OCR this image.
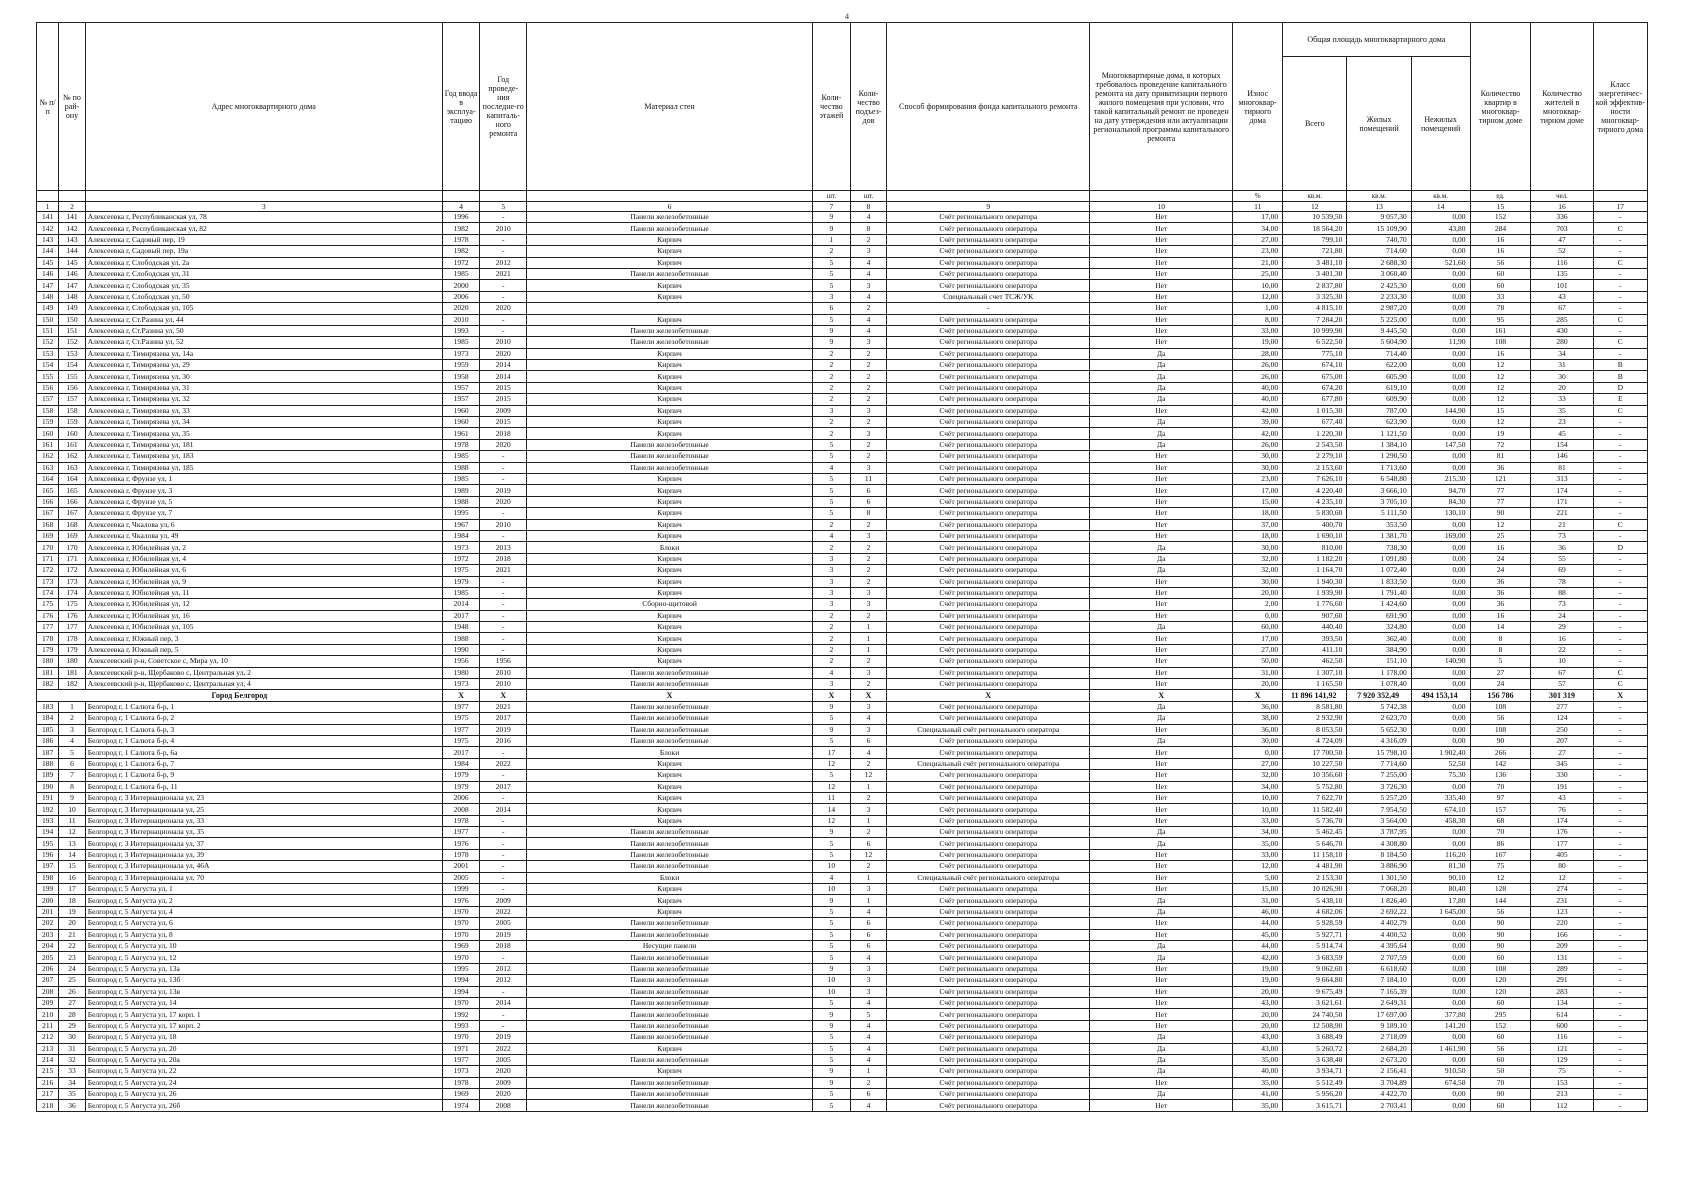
4
№ п/п	№ по рай-ону	Адрес многоквартирного дома	Год ввода в эксплуа-тацию	Год проведе-ния последне-го капиталь-ного ремонта	Материал стен	Коли-чество этажей	Коли-чество подъез-дов	Способ формирования фонда капитального ремонта	Многоквартирные дома, в которых требовалось проведение капитального ремонта на дату приватизации первого жилого помещения при условии, что такой капитальный ремонт не проведен на дату утверждения или актуализации региональной программы капитального ремонта	Износ многоквар-тирного дома	Общая площадь многоквартирного дома			Количество квартир в многоквар-тирном доме	Количество жителей в многоквар-тирном доме	Класс энергетичес-кой эффектив-ности многоквар-тирного дома
											Всего	Жилых помещений	Нежилых помещений			
						шт.	шт.			%	кв.м.	кв.м.	кв.м.	ед.	чел.	
1	2	3	4	5	6	7	8	9	10	11	12	13	14	15	16	17
141	141	Алексеевка г, Республиканская ул, 78	1996	-	Панели железобетонные	9	4	Счёт регионального оператора	Нет	17,00	10 539,50	9 057,30	0,00	152	336	-
142	142	Алексеевка г, Республиканская ул, 82	1982	2010	Панели железобетонные	9	8	Счёт регионального оператора	Нет	34,00	18 564,20	15 109,90	43,80	284	703	C
143	143	Алексеевка г, Садовый пер, 19	1978	-	Кирпич	1	2	Счёт регионального оператора	Нет	27,00	799,10	740,70	0,00	16	47	-
144	144	Алексеевка г, Садовый пер, 19а	1982	-	Кирпич	2	3	Счёт регионального оператора	Нет	23,00	721,80	714,60	0,00	16	52	-
145	145	Алексеевка г, Слободская ул, 2а	1972	2012	Кирпич	5	4	Счёт регионального оператора	Нет	21,00	3 481,10	2 688,30	521,60	56	116	C
146	146	Алексеевка г, Слободская ул, 31	1985	2021	Панели железобетонные	5	4	Счёт регионального оператора	Нет	25,00	3 401,30	3 060,40	0,00	60	135	-
147	147	Алексеевка г, Слободская ул, 35	2000	-	Кирпич	5	3	Счёт регионального оператора	Нет	10,00	2 837,80	2 425,30	0,00	60	101	-
148	148	Алексеевка г, Слободская ул, 50	2006	-	Кирпич	3	4	Специальный счет ТСЖ/УК	Нет	12,00	3 325,30	2 233,30	0,00	33	43	-
149	149	Алексеевка г, Слободская ул, 105	2020	2020		6	2	-	Нет	1,00	4 815,10	2 987,20	0,00	78	67	-
150	150	Алексеевка г, Ст.Разина ул, 44	2010	-	Кирпич	5	4	Счёт регионального оператора	Нет	8,00	7 284,20	5 225,00	0,00	95	285	C
151	151	Алексеевка г, Ст.Разина ул, 50	1993	-	Панели железобетонные	9	4	Счёт регионального оператора	Нет	33,00	10 999,90	9 445,50	0,00	161	430	-
152	152	Алексеевка г, Ст.Разина ул, 52	1985	2010	Панели железобетонные	9	3	Счёт регионального оператора	Нет	19,00	6 522,50	5 604,90	11,90	108	280	C
153	153	Алексеевка г, Тимирязева ул, 14а	1973	2020	Кирпич	2	2	Счёт регионального оператора	Да	28,00	775,10	714,40	0,00	16	34	-
154	154	Алексеевка г, Тимирязева ул, 29	1959	2014	Кирпич	2	2	Счёт регионального оператора	Да	26,00	674,10	622,00	0,00	12	31	B
155	155	Алексеевка г, Тимирязева ул, 30	1958	2014	Кирпич	2	2	Счёт регионального оператора	Да	26,00	675,00	605,90	0,00	12	30	B
156	156	Алексеевка г, Тимирязева ул, 31	1957	2015	Кирпич	2	2	Счёт регионального оператора	Да	40,00	674,20	619,10	0,00	12	20	D
157	157	Алексеевка г, Тимирязева ул, 32	1957	2015	Кирпич	2	2	Счёт регионального оператора	Да	40,00	677,80	609,90	0,00	12	33	E
158	158	Алексеевка г, Тимирязева ул, 33	1960	2009	Кирпич	3	3	Счёт регионального оператора	Нет	42,00	1 015,30	787,00	144,90	15	35	C
159	159	Алексеевка г, Тимирязева ул, 34	1960	2015	Кирпич	2	2	Счёт регионального оператора	Да	39,00	677,40	623,90	0,00	12	23	-
160	160	Алексеевка г, Тимирязева ул, 35	1961	2018	Кирпич	2	3	Счёт регионального оператора	Да	42,00	1 220,30	1 121,50	0,00	19	45	-
161	161	Алексеевка г, Тимирязева ул, 181	1978	2020	Панели железобетонные	5	2	Счёт регионального оператора	Да	26,00	2 543,50	1 384,10	147,50	72	154	-
162	162	Алексеевка г, Тимирязева ул, 183	1985	-	Панели железобетонные	5	2	Счёт регионального оператора	Нет	30,00	2 279,10	1 290,50	0,00	81	146	-
163	163	Алексеевка г, Тимирязева ул, 185	1988	-	Панели железобетонные	4	3	Счёт регионального оператора	Нет	30,00	2 153,60	1 713,60	0,00	36	81	-
164	164	Алексеевка г, Фрунзе ул, 1	1985	-	Кирпич	5	11	Счёт регионального оператора	Нет	23,00	7 626,10	6 548,80	215,30	121	313	-
165	165	Алексеевка г, Фрунзе ул, 3	1989	2019	Кирпич	5	6	Счёт регионального оператора	Нет	17,00	4 220,40	3 666,10	94,70	77	174	-
166	166	Алексеевка г, Фрунзе ул, 5	1988	2020	Кирпич	5	6	Счёт регионального оператора	Нет	15,00	4 235,10	3 705,10	84,30	77	171	-
167	167	Алексеевка г, Фрунзе ул, 7	1995	-	Кирпич	5	8	Счёт регионального оператора	Нет	18,00	5 830,60	5 111,50	130,10	90	221	-
168	168	Алексеевка г, Чкалова ул, 6	1967	2010	Кирпич	2	2	Счёт регионального оператора	Нет	37,00	400,70	353,50	0,00	12	21	C
169	169	Алексеевка г, Чкалова ул, 49	1984	-	Кирпич	4	3	Счёт регионального оператора	Нет	18,00	1 690,10	1 381,70	169,00	25	73	-
170	170	Алексеевка г, Юбилейная ул, 2	1973	2013	Блоки	2	2	Счёт регионального оператора	Да	30,00	810,00	738,30	0,00	16	36	D
171	171	Алексеевка г, Юбилейная ул, 4	1972	2018	Кирпич	3	2	Счёт регионального оператора	Да	32,00	1 182,20	1 091,80	0,00	24	55	-
172	172	Алексеевка г, Юбилейная ул, 6	1975	2021	Кирпич	3	2	Счёт регионального оператора	Да	32,00	1 164,70	1 072,40	0,00	24	69	-
173	173	Алексеевка г, Юбилейная ул, 9	1979	-	Кирпич	3	2	Счёт регионального оператора	Нет	30,00	1 940,30	1 833,50	0,00	36	78	-
174	174	Алексеевка г, Юбилейная ул, 11	1985	-	Кирпич	3	3	Счёт регионального оператора	Нет	20,00	1 939,90	1 791,40	0,00	36	88	-
175	175	Алексеевка г, Юбилейная ул, 12	2014	-	Сборно-щитовой	3	3	Счёт регионального оператора	Нет	2,00	1 776,60	1 424,60	0,00	36	73	-
176	176	Алексеевка г, Юбилейная ул, 16	2017	-	Кирпич	2	2	Счёт регионального оператора	Нет	0,00	907,60	691,90	0,00	16	24	-
177	177	Алексеевка г, Юбилейная ул, 105	1948	-	Кирпич	2	1	Счёт регионального оператора	Да	60,00	440,40	324,80	0,00	14	29	-
178	178	Алексеевка г, Южный пер, 3	1988	-	Кирпич	2	1	Счёт регионального оператора	Нет	17,00	393,50	362,40	0,00	8	16	-
179	179	Алексеевка г, Южный пер, 5	1990	-	Кирпич	2	1	Счёт регионального оператора	Нет	27,00	411,10	384,90	0,00	8	22	-
180	180	Алексеевский р-н, Советское с, Мира ул, 10	1956	1956	Кирпич	2	2	Счёт регионального оператора	Нет	50,00	462,50	151,10	140,90	5	10	-
181	181	Алексеевский р-н, Щербаково с, Центральная ул, 2	1980	2010	Панели железобетонные	4	3	Счёт регионального оператора	Нет	31,00	1 307,10	1 178,00	0,00	27	67	C
182	182	Алексеевский р-н, Щербаково с, Центральная ул, 4	1973	2010	Панели железобетонные	3	2	Счёт регионального оператора	Нет	20,00	1 165,50	1 078,40	0,00	24	57	C
Город Белгород			X	X	X	X	X	X	X	X	11 896 141,92	7 920 352,49	494 153,14	156 786	301 319	X
183	1	Белгород г, 1 Салюта б-р, 1	1977	2021	Панели железобетонные	9	3	Счёт регионального оператора	Да	36,00	8 581,80	5 742,38	0,00	108	277	-
184	2	Белгород г, 1 Салюта б-р, 2	1975	2017	Панели железобетонные	5	4	Счёт регионального оператора	Да	38,00	2 932,90	2 623,70	0,00	56	124	-
185	3	Белгород г, 1 Салюта б-р, 3	1977	2019	Панели железобетонные	9	3	Специальный счёт регионального оператора	Нет	36,00	8 053,50	5 652,30	0,00	108	250	-
186	4	Белгород г, 1 Салюта б-р, 4	1975	2016	Панели железобетонные	5	6	Счёт регионального оператора	Да	30,00	4 724,09	4 316,09	0,00	90	207	-
187	5	Белгород г, 1 Салюта б-р, 6а	2017	-	Блоки	17	4	Счёт регионального оператора	Нет	0,00	17 700,50	15 798,10	1 902,40	266	27	-
188	6	Белгород г, 1 Салюта б-р, 7	1984	2022	Кирпич	12	2	Специальный счёт регионального оператора	Нет	27,00	10 227,50	7 714,60	52,50	142	345	-
189	7	Белгород г, 1 Салюта б-р, 9	1979	-	Кирпич	5	12	Счёт регионального оператора	Нет	32,00	10 356,60	7 255,00	75,30	136	330	-
190	8	Белгород г, 1 Салюта б-р, 11	1979	2017	Кирпич	12	1	Счёт регионального оператора	Нет	34,00	5 752,80	3 726,30	0,00	70	191	-
191	9	Белгород г, 3 Интернационала ул, 23	2006	-	Кирпич	11	2	Счёт регионального оператора	Нет	10,00	7 622,70	5 257,20	335,40	97	43	-
192	10	Белгород г, 3 Интернационала ул, 25	2008	2014	Кирпич	14	3	Счёт регионального оператора	Нет	10,00	11 582,40	7 954,50	674,10	157	76	-
193	11	Белгород г, 3 Интернационала ул, 33	1978	-	Кирпич	12	1	Счёт регионального оператора	Нет	33,00	5 736,70	3 564,00	458,30	68	174	-
194	12	Белгород г, 3 Интернационала ул, 35	1977	-	Панели железобетонные	9	2	Счёт регионального оператора	Да	34,00	5 462,45	3 787,95	0,00	70	176	-
195	13	Белгород г, 3 Интернационала ул, 37	1976	-	Панели железобетонные	5	6	Счёт регионального оператора	Да	35,00	5 646,70	4 308,80	0,00	86	177	-
196	14	Белгород г, 3 Интернационала ул, 39	1978	-	Панели железобетонные	5	12	Счёт регионального оператора	Нет	33,00	11 158,10	8 184,50	116,20	167	405	-
197	15	Белгород г, 3 Интернационала ул, 46А	2001	-	Панели железобетонные	10	2	Счёт регионального оператора	Нет	12,00	4 481,90	3 886,90	81,30	75	80	-
198	16	Белгород г, 3 Интернационала ул, 70	2005	-	Блоки	4	1	Специальный счёт регионального оператора	Нет	5,00	2 153,30	1 301,50	90,10	12	12	-
199	17	Белгород г, 5 Августа ул, 1	1999	-	Кирпич	10	3	Счёт регионального оператора	Нет	15,00	10 026,90	7 068,20	80,40	128	274	-
200	18	Белгород г, 5 Августа ул, 2	1976	2009	Кирпич	9	1	Счёт регионального оператора	Да	31,00	5 438,10	1 826,40	17,80	144	231	-
201	19	Белгород г, 5 Августа ул, 4	1970	2022	Кирпич	5	4	Счёт регионального оператора	Да	46,00	4 682,06	2 692,22	1 645,00	56	123	-
202	20	Белгород г, 5 Августа ул, 6	1970	2005	Панели железобетонные	5	6	Счёт регионального оператора	Нет	44,00	5 928,59	4 402,79	0,00	90	220	-
203	21	Белгород г, 5 Августа ул, 8	1970	2019	Панели железобетонные	5	6	Счёт регионального оператора	Нет	45,00	5 927,71	4 400,52	0,00	90	166	-
204	22	Белгород г, 5 Августа ул, 10	1969	2018	Несущие панели	5	6	Счёт регионального оператора	Да	44,00	5 914,74	4 395,64	0,00	90	209	-
205	23	Белгород г, 5 Августа ул, 12	1970	-	Панели железобетонные	5	4	Счёт регионального оператора	Да	42,00	3 683,59	2 707,59	0,00	60	131	-
206	24	Белгород г, 5 Августа ул, 13а	1995	2012	Панели железобетонные	9	3	Счёт регионального оператора	Нет	19,00	9 062,60	6 618,60	0,00	108	289	-
207	25	Белгород г, 5 Августа ул, 13б	1994	2012	Панели железобетонные	10	3	Счёт регионального оператора	Нет	19,00	9 664,80	7 184,10	0,00	120	291	-
208	26	Белгород г, 5 Августа ул, 13в	1994	-	Панели железобетонные	10	3	Счёт регионального оператора	Нет	20,00	9 675,49	7 165,39	0,00	120	283	-
209	27	Белгород г, 5 Августа ул, 14	1970	2014	Панели железобетонные	5	4	Счёт регионального оператора	Нет	43,00	3 621,61	2 649,31	0,00	60	134	-
210	28	Белгород г, 5 Августа ул, 17 корп. 1	1992	-	Панели железобетонные	9	5	Счёт регионального оператора	Нет	20,00	24 740,50	17 697,00	377,80	295	614	-
211	29	Белгород г, 5 Августа ул, 17 корп. 2	1993	-	Панели железобетонные	9	4	Счёт регионального оператора	Нет	20,00	12 508,90	9 189,10	141,20	152	600	-
212	30	Белгород г, 5 Августа ул, 18	1970	2019	Панели железобетонные	5	4	Счёт регионального оператора	Да	43,00	3 688,49	2 718,09	0,00	60	116	-
213	31	Белгород г, 5 Августа ул, 20	1971	2022	Кирпич	5	4	Счёт регионального оператора	Да	43,00	5 260,72	2 684,20	1 461,90	56	121	-
214	32	Белгород г, 5 Августа ул, 20а	1977	2005	Панели железобетонные	5	4	Счёт регионального оператора	Да	35,00	3 638,40	2 673,20	0,00	60	129	-
215	33	Белгород г, 5 Августа ул, 22	1973	2020	Кирпич	9	1	Счёт регионального оператора	Да	40,00	3 934,71	2 156,41	910,50	50	75	-
216	34	Белгород г, 5 Августа ул, 24	1978	2009	Панели железобетонные	9	2	Счёт регионального оператора	Нет	35,00	5 512,49	3 704,89	674,50	70	153	-
217	35	Белгород г, 5 Августа ул, 26	1969	2020	Панели железобетонные	5	6	Счёт регионального оператора	Да	41,00	5 956,20	4 422,70	0,00	90	213	-
218	36	Белгород г, 5 Августа ул, 26б	1974	2008	Панели железобетонные	5	4	Счёт регионального оператора	Нет	35,00	3 615,71	2 703,41	0,00	60	112	-
